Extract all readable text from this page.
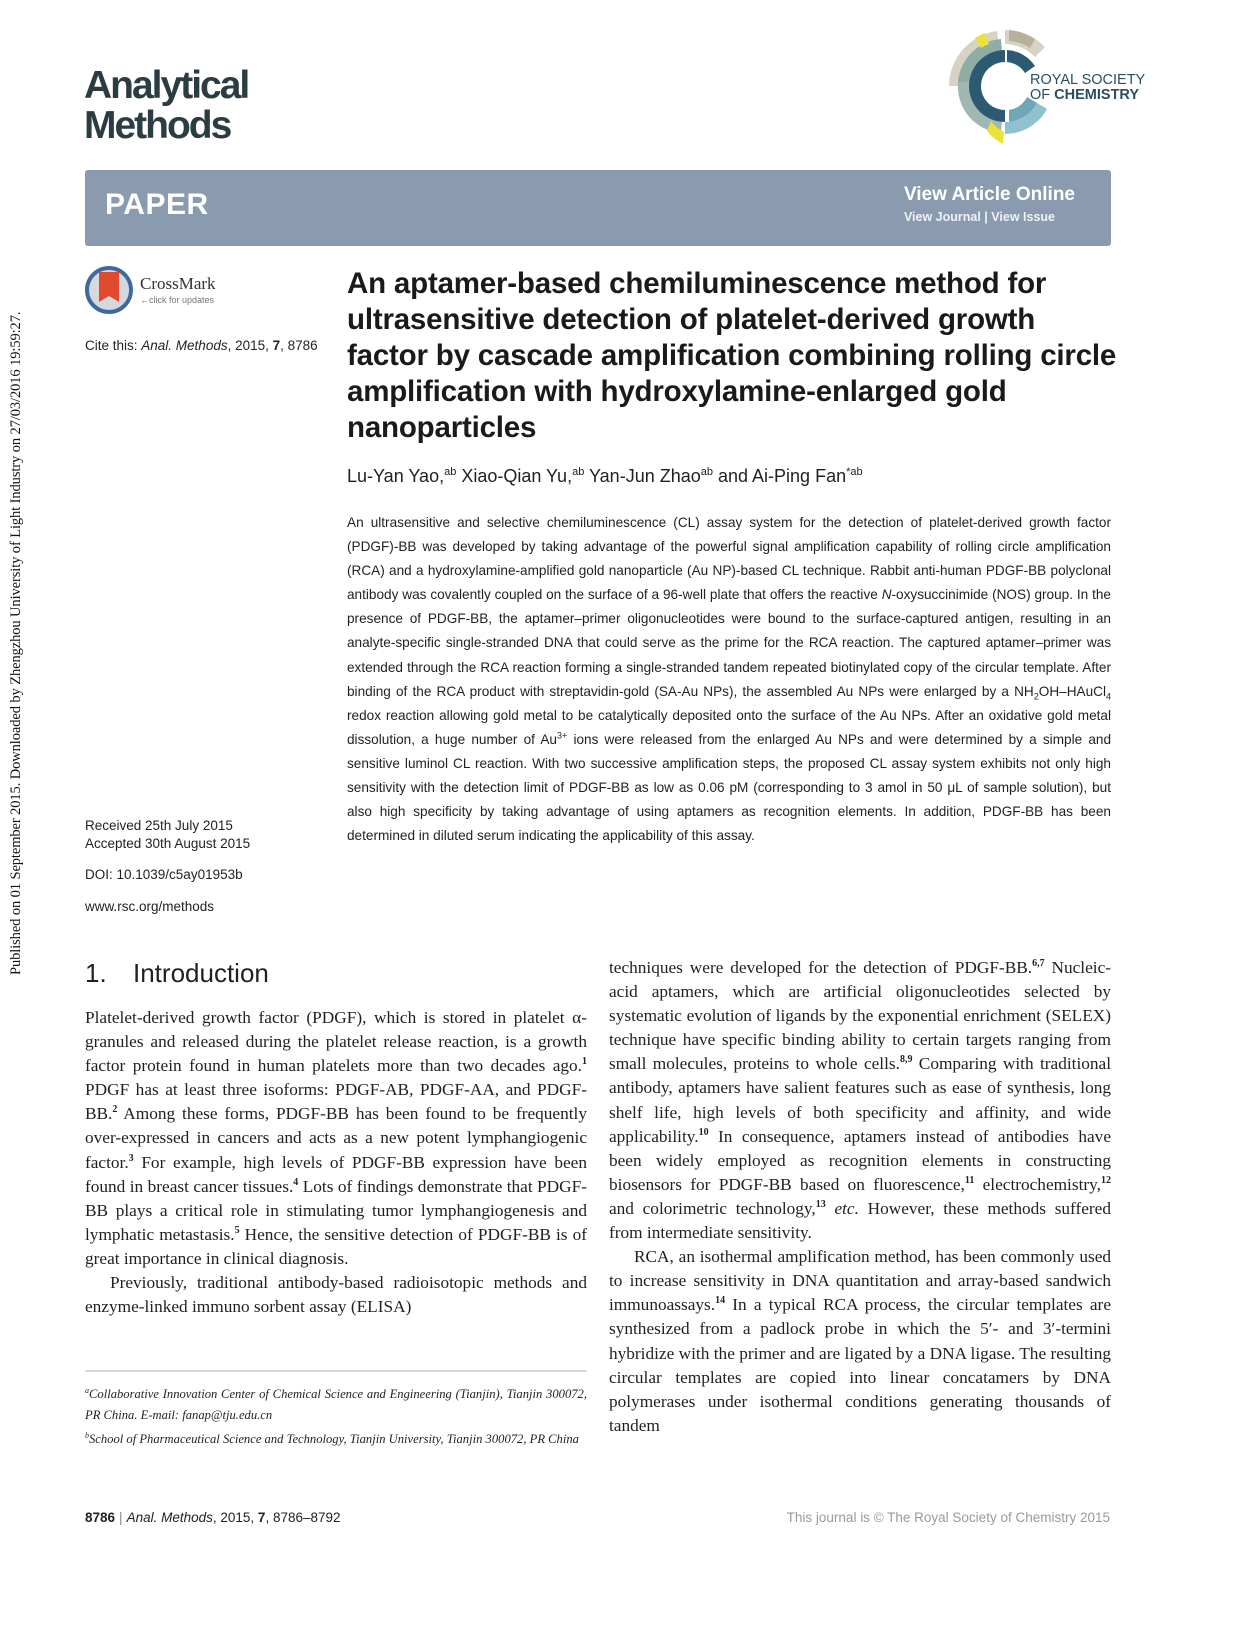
Published on 01 September 2015. Downloaded by Zhengzhou University of Light Industry on 27/03/2016 19:59:27.
Analytical
Methods
ROYAL SOCIETY
OF CHEMISTRY
PAPER	View Article Online
View Journal | View Issue
CrossMark
←click for updates
Cite this: Anal. Methods, 2015, 7, 8786
An aptamer-based chemiluminescence method for ultrasensitive detection of platelet-derived growth factor by cascade amplification combining rolling circle amplification with hydroxylamine-enlarged gold nanoparticles
Lu-Yan Yao,$^{ab}$ Xiao-Qian Yu,$^{ab}$ Yan-Jun Zhao$^{ab}$ and Ai-Ping Fan$^{*ab}$
An ultrasensitive and selective chemiluminescence (CL) assay system for the detection of platelet-derived growth factor (PDGF)-BB was developed by taking advantage of the powerful signal amplification capability of rolling circle amplification (RCA) and a hydroxylamine-amplified gold nanoparticle (Au NP)-based CL technique. Rabbit anti-human PDGF-BB polyclonal antibody was covalently coupled on the surface of a 96-well plate that offers the reactive N-oxysuccinimide (NOS) group. In the presence of PDGF-BB, the aptamer–primer oligonucleotides were bound to the surface-captured antigen, resulting in an analyte-specific single-stranded DNA that could serve as the prime for the RCA reaction. The captured aptamer–primer was extended through the RCA reaction forming a single-stranded tandem repeated biotinylated copy of the circular template. After binding of the RCA product with streptavidin-gold (SA-Au NPs), the assembled Au NPs were enlarged by a $NH_2OH-HAuCl_4$ redox reaction allowing gold metal to be catalytically deposited onto the surface of the Au NPs. After an oxidative gold metal dissolution, a huge number of $Au^{3+}$ ions were released from the enlarged Au NPs and were determined by a simple and sensitive luminol CL reaction. With two successive amplification steps, the proposed CL assay system exhibits not only high sensitivity with the detection limit of PDGF-BB as low as 0.06 pM (corresponding to 3 amol in 50 μL of sample solution), but also high specificity by taking advantage of using aptamers as recognition elements. In addition, PDGF-BB has been determined in diluted serum indicating the applicability of this assay.
Received 25th July 2015
Accepted 30th August 2015
DOI: 10.1039/c5ay01953b
www.rsc.org/methods
1. Introduction

Platelet-derived growth factor (PDGF), which is stored in platelet α-granules and released during the platelet release reaction, is a growth factor protein found in human platelets more than two decades ago.$^1$ PDGF has at least three isoforms: PDGF-AB, PDGF-AA, and PDGF-BB.$^2$ Among these forms, PDGF-BB has been found to be frequently over-expressed in cancers and acts as a new potent lymphangiogenic factor.$^3$ For example, high levels of PDGF-BB expression have been found in breast cancer tissues.$^4$ Lots of findings demonstrate that PDGF-BB plays a critical role in stimulating tumor lymphangiogenesis and lymphatic metastasis.$^5$ Hence, the sensitive detection of PDGF-BB is of great importance in clinical diagnosis.

Previously, traditional antibody-based radioisotopic methods and enzyme-linked immuno sorbent assay (ELISA)

techniques were developed for the detection of PDGF-BB.$^{6,7}$ Nucleic-acid aptamers, which are artificial oligonucleotides selected by systematic evolution of ligands by the exponential enrichment (SELEX) technique have specific binding ability to certain targets ranging from small molecules, proteins to whole cells.$^{8,9}$ Comparing with traditional antibody, aptamers have salient features such as ease of synthesis, long shelf life, high levels of both specificity and affinity, and wide applicability.$^{10}$ In consequence, aptamers instead of antibodies have been widely employed as recognition elements in constructing biosensors for PDGF-BB based on fluorescence,$^{11}$ electrochemistry,$^{12}$ and colorimetric technology,$^{13}$ etc. However, these methods suffered from intermediate sensitivity.

RCA, an isothermal amplification method, has been commonly used to increase sensitivity in DNA quantitation and array-based sandwich immunoassays.$^{14}$ In a typical RCA process, the circular templates are synthesized from a padlock probe in which the 5′- and 3′-termini hybridize with the primer and are ligated by a DNA ligase. The resulting circular templates are copied into linear concatamers by DNA polymerases under isothermal conditions generating thousands of tandem

$^a$Collaborative Innovation Center of Chemical Science and Engineering (Tianjin), Tianjin 300072, PR China. E-mail: fanap@tju.edu.cn

$^b$School of Pharmaceutical Science and Technology, Tianjin University, Tianjin 300072, PR China

8786 | Anal. Methods, 2015, 7, 8786–8792	This journal is © The Royal Society of Chemistry 2015
